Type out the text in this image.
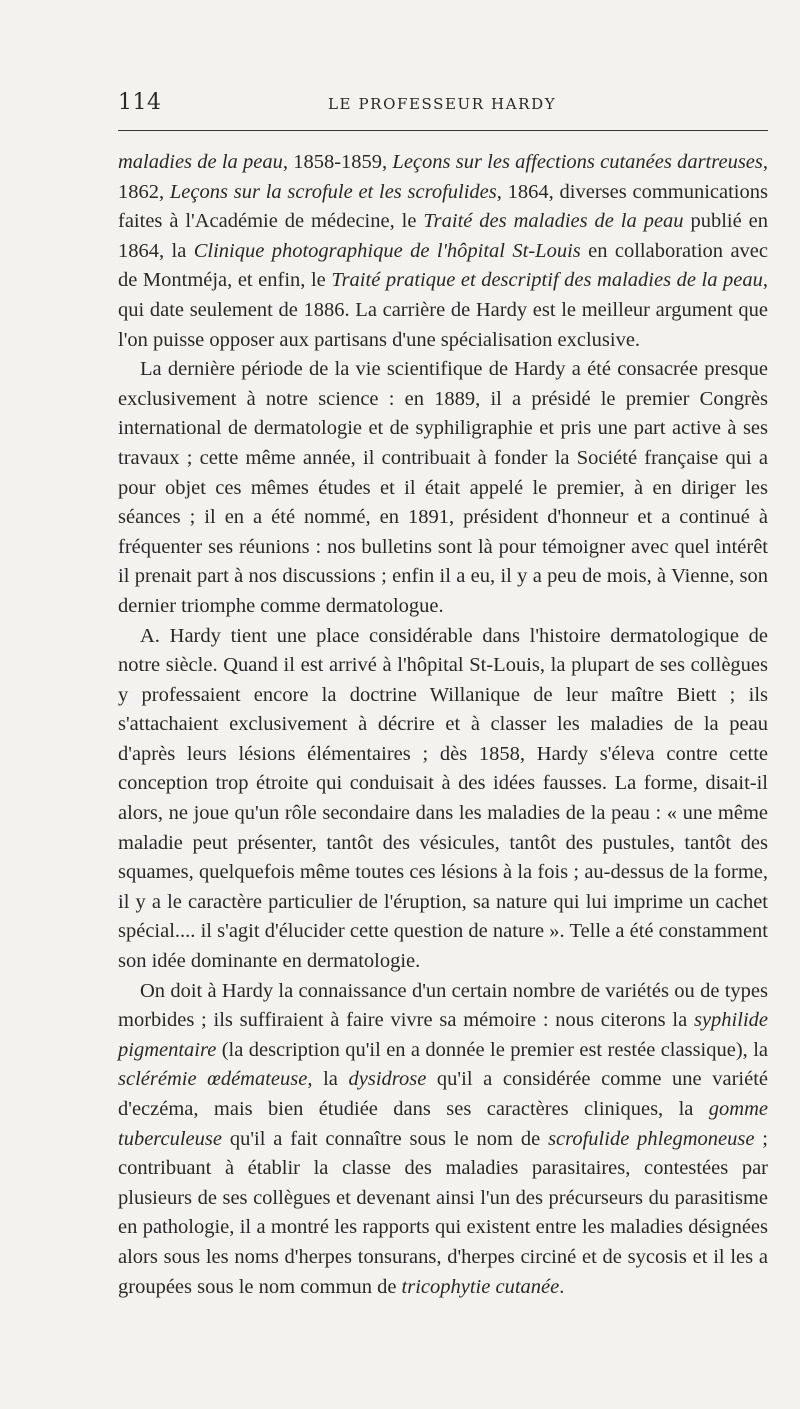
114	LE PROFESSEUR HARDY

maladies de la peau, 1858-1859, Leçons sur les affections cutanées dartreuses, 1862, Leçons sur la scrofule et les scrofulides, 1864, diverses communications faites à l'Académie de médecine, le Traité des maladies de la peau publié en 1864, la Clinique photographique de l'hôpital St-Louis en collaboration avec de Montméja, et enfin, le Traité pratique et descriptif des maladies de la peau, qui date seulement de 1886. La carrière de Hardy est le meilleur argument que l'on puisse opposer aux partisans d'une spécialisation exclusive.

La dernière période de la vie scientifique de Hardy a été consacrée presque exclusivement à notre science : en 1889, il a présidé le premier Congrès international de dermatologie et de syphiligraphie et pris une part active à ses travaux ; cette même année, il contribuait à fonder la Société française qui a pour objet ces mêmes études et il était appelé le premier, à en diriger les séances ; il en a été nommé, en 1891, président d'honneur et a continué à fréquenter ses réunions : nos bulletins sont là pour témoigner avec quel intérêt il prenait part à nos discussions ; enfin il a eu, il y a peu de mois, à Vienne, son dernier triomphe comme dermatologue.

A. Hardy tient une place considérable dans l'histoire dermatologique de notre siècle. Quand il est arrivé à l'hôpital St-Louis, la plupart de ses collègues y professaient encore la doctrine Willanique de leur maître Biett ; ils s'attachaient exclusivement à décrire et à classer les maladies de la peau d'après leurs lésions élémentaires ; dès 1858, Hardy s'éleva contre cette conception trop étroite qui conduisait à des idées fausses. La forme, disait-il alors, ne joue qu'un rôle secondaire dans les maladies de la peau : « une même maladie peut présenter, tantôt des vésicules, tantôt des pustules, tantôt des squames, quelquefois même toutes ces lésions à la fois ; au-dessus de la forme, il y a le caractère particulier de l'éruption, sa nature qui lui imprime un cachet spécial.... il s'agit d'élucider cette question de nature ». Telle a été constamment son idée dominante en dermatologie.

On doit à Hardy la connaissance d'un certain nombre de variétés ou de types morbides ; ils suffiraient à faire vivre sa mémoire : nous citerons la syphilide pigmentaire (la description qu'il en a donnée le premier est restée classique), la sclérémie œdémateuse, la dysidrose qu'il a considérée comme une variété d'eczéma, mais bien étudiée dans ses caractères cliniques, la gomme tuberculeuse qu'il a fait connaître sous le nom de scrofulide phlegmoneuse ; contribuant à établir la classe des maladies parasitaires, contestées par plusieurs de ses collègues et devenant ainsi l'un des précurseurs du parasitisme en pathologie, il a montré les rapports qui existent entre les maladies désignées alors sous les noms d'herpes tonsurans, d'herpes circiné et de sycosis et il les a groupées sous le nom commun de tricophytie cutanée.
